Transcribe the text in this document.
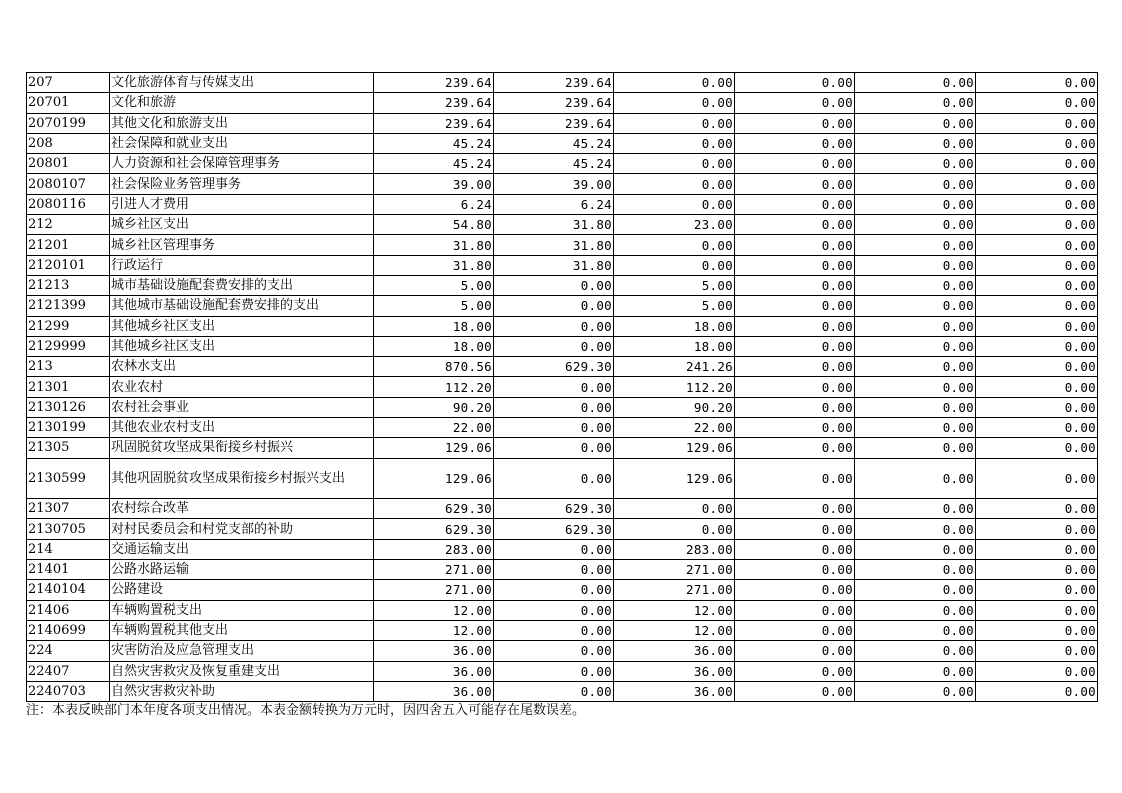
207	文化旅游体育与传媒支出	239.64	239.64	0.00	0.00	0.00	0.00
20701	文化和旅游	239.64	239.64	0.00	0.00	0.00	0.00
2070199	其他文化和旅游支出	239.64	239.64	0.00	0.00	0.00	0.00
208	社会保障和就业支出	45.24	45.24	0.00	0.00	0.00	0.00
20801	人力资源和社会保障管理事务	45.24	45.24	0.00	0.00	0.00	0.00
2080107	社会保险业务管理事务	39.00	39.00	0.00	0.00	0.00	0.00
2080116	引进人才费用	6.24	6.24	0.00	0.00	0.00	0.00
212	城乡社区支出	54.80	31.80	23.00	0.00	0.00	0.00
21201	城乡社区管理事务	31.80	31.80	0.00	0.00	0.00	0.00
2120101	行政运行	31.80	31.80	0.00	0.00	0.00	0.00
21213	城市基础设施配套费安排的支出	5.00	0.00	5.00	0.00	0.00	0.00
2121399	其他城市基础设施配套费安排的支出	5.00	0.00	5.00	0.00	0.00	0.00
21299	其他城乡社区支出	18.00	0.00	18.00	0.00	0.00	0.00
2129999	其他城乡社区支出	18.00	0.00	18.00	0.00	0.00	0.00
213	农林水支出	870.56	629.30	241.26	0.00	0.00	0.00
21301	农业农村	112.20	0.00	112.20	0.00	0.00	0.00
2130126	农村社会事业	90.20	0.00	90.20	0.00	0.00	0.00
2130199	其他农业农村支出	22.00	0.00	22.00	0.00	0.00	0.00
21305	巩固脱贫攻坚成果衔接乡村振兴	129.06	0.00	129.06	0.00	0.00	0.00
2130599	其他巩固脱贫攻坚成果衔接乡村振兴支出	129.06	0.00	129.06	0.00	0.00	0.00
21307	农村综合改革	629.30	629.30	0.00	0.00	0.00	0.00
2130705	对村民委员会和村党支部的补助	629.30	629.30	0.00	0.00	0.00	0.00
214	交通运输支出	283.00	0.00	283.00	0.00	0.00	0.00
21401	公路水路运输	271.00	0.00	271.00	0.00	0.00	0.00
2140104	公路建设	271.00	0.00	271.00	0.00	0.00	0.00
21406	车辆购置税支出	12.00	0.00	12.00	0.00	0.00	0.00
2140699	车辆购置税其他支出	12.00	0.00	12.00	0.00	0.00	0.00
224	灾害防治及应急管理支出	36.00	0.00	36.00	0.00	0.00	0.00
22407	自然灾害救灾及恢复重建支出	36.00	0.00	36.00	0.00	0.00	0.00
2240703	自然灾害救灾补助	36.00	0.00	36.00	0.00	0.00	0.00
注：本表反映部门本年度各项支出情况。本表金额转换为万元时，因四舍五入可能存在尾数误差。
